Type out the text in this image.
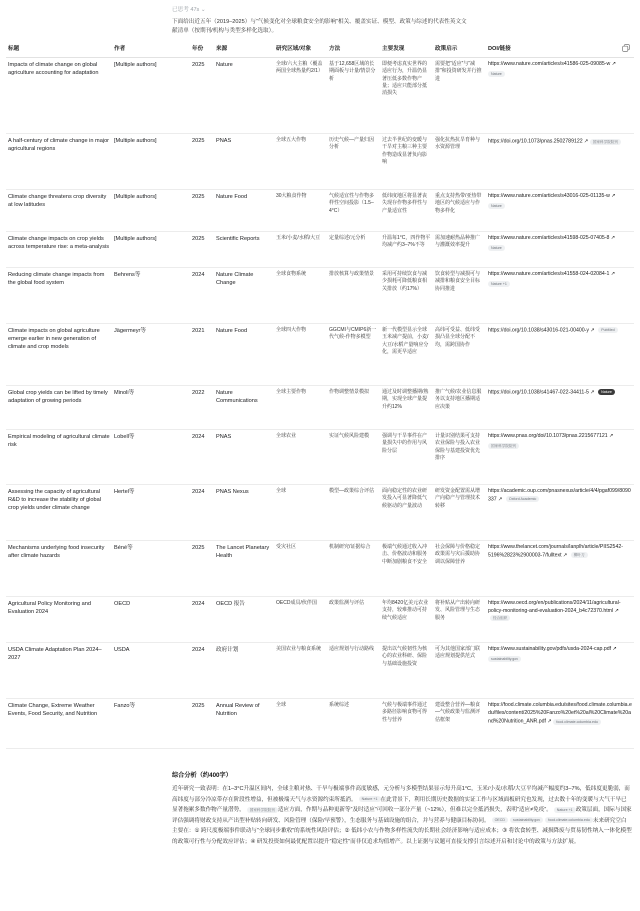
已思考 47s ⌄
下面给出近五年（2019–2025）与“气候变化对全球粮食安全的影响”相关、覆盖实证、模型、政策与综述的代表性英文文献清单（按期刊/机构与类型多样化选取）。
标题	作者	年份	来源	研究区域/对象	方法	主要发现	政策启示	DOI/链接
Impacts of climate change on global agriculture accounting for adaptation	[Multiple authors]	2025	Nature	全球/六大主粮（覆盖两国全球热量约2/1）	基于12,658区域的长期面板与计量/情景分析	即便考虑真实世界的适应行为，升温仍显著压低多数作物产量；适应只能部分抵消损失	需要把“适应”与“减排”和投资研发并行推进	https://www.nature.com/articles/s41586-025-09085-w ↗ Nature
A half-century of climate change in major agricultural regions	[Multiple authors]	2025	PNAS	全球五大作物	历史气候—产量归因分析	过去半世纪的变暖与干旱对主粮三种主要作物造成显著负向影响	强化抗热抗旱育种与水资源管理	https://doi.org/10.1073/pnas.2502789122 ↗ 国家科学院院刊
Climate change threatens crop diversity at low latitudes	[Multiple authors]	2025	Nature Food	30大粮食作物	气候适宜性与作物多样性空间投影（1.5–4°C）	低纬度地区将显著丧失现存作物多样性与产量适宜性	重点支持热带/亚热带地区的气候适应与作物多样化	https://www.nature.com/articles/s43016-025-01135-w ↗ Nature
Climate change impacts on crop yields across temperature rise: a meta-analysis	[Multiple authors]	2025	Scientific Reports	玉米/小麦/水稻/大豆	定量综述/元分析	升温每1°C，四作物平均减产约3–7%不等	需加速耐热品种推广与灌溉效率提升	https://www.nature.com/articles/s41598-025-07405-8 ↗ Nature
Reducing climate change impacts from the global food system	Behrens等	2024	Nature Climate Change	全球食物系统	排放核算与政策情景	采用可持续饮食与减少损耗可降低粮食相关排放（约17%）	饮食转型与减损可与减排和粮食安全目标协同推进	https://www.nature.com/articles/s41558-024-02084-1 ↗ Nature +1
Climate impacts on global agriculture emerge earlier in new generation of climate and crop models	Jägermeyr等	2021	Nature Food	全球四大作物	GGCMI与CMIP6新一代气候-作物多模型	新一代模型显示全球玉米减产提前，小麦/大豆/水稻产量响应分化，需更早适应	高纬可受益、低纬受损凸显全球分配不均，需跨国协作	https://doi.org/10.1038/s43016-021-00400-y ↗ PubMed
Global crop yields can be lifted by timely adaptation of growing periods	Minoli等	2022	Nature Communications	全球主要作物	作物调整情景模拟	通过及时调整播期/熟期，实现全球产量提升约12%	推广气候/农业信息服务以支持地区播期适应决策	https://doi.org/10.1038/s41467-022-34411-5 ↗ Nature
Empirical modeling of agricultural climate risk	Lobell等	2024	PNAS	全球农业	实证气候风险建模	强调与干旱事件在产量损失中的作用与风险分层	计量识别结果可支持农业保险与投入农业保险与基建投资优先排序	https://www.pnas.org/doi/10.1073/pnas.2215677121 ↗ 国家科学院院刊
Assessing the capacity of agricultural R&D to increase the stability of global crop yields under climate change	Hertel等	2024	PNAS Nexus	全球	模型—政策综合评估	面向稳定性的农业研发投入可显著降低气候驱动的产量波动	研发资金配置需从增产向稳产与管理技术转移	https://academic.oup.com/pnasnexus/article/4/4/pgaf099/8090337 ↗ Oxford Academic
Mechanisms underlying food insecurity after climate hazards	Béné等	2025	The Lancet Planetary Health	受灾社区	机制研究/证据综合	极端气候通过收入冲击、价格波动和服务中断加剧粮食不安全	社会保障与价格稳定政策需与灾后援助协调以保障营养	https://www.thelancet.com/journals/lanplh/article/PIIS2542-5196%2823%2900003-7/fulltext ↗ 柳叶刀
Agricultural Policy Monitoring and Evaluation 2024	OECD	2024	OECD 报告	OECD成员/伙伴国	政策监测与评估	年均8420亿美元农业支持，较难推动可持续气候适应	将补贴从产出转向研发、风险管理与生态服务	https://www.oecd.org/en/publications/2024/11/agricultural-policy-monitoring-and-evaluation-2024_b4c72370.html ↗ 经合组织
USDA Climate Adaptation Plan 2024–2027	USDA	2024	政府计划	美国农业与粮食系统	适应规划与行动路线	提出以气候韧性为核心的农业科研、保险与基础设施投资	可为其他国家部门联适应规划提供范式	https://www.sustainability.gov/pdfs/usda-2024-cap.pdf ↗ sustainability.gov
Climate Change, Extreme Weather Events, Food Security, and Nutrition	Fanzo等	2025	Annual Review of Nutrition	全球	系统综述	气候与极端事件通过多路径影响食物可得性与营养	建设整合营养—粮食—气候政策与监测评估框架	https://food.climate.columbia.edu/sites/food.climate.columbia.edu/files/content/2025%20Fanzo%20et%20al%20Climate%20and%20Nutrition_ANR.pdf ↗ food.climate.columbia.edu
综合分析（约400字）

近年研究一致表明：在1–3°C升温区间内，全球主粮对热、干旱与极端事件高度敏感，元分析与多模型结果显示每升高1°C，玉米/小麦/水稻/大豆平均减产幅度约3–7%，低纬度更脆弱，而高纬度与部分冷凉带存在阶段性增益，但被极端天气与水资源约束所抵消。 Nature +1 在此背景下，利用长期历史数据的实证工作与区域面板研究也发现，过去数十年的变暖与大气干旱已显著拖累多数作物产量潜势， 国家科学院院刊 适应方面，作期与品种更新等“及时适应”可回收一部分产量（~12%），但难以完全抵消损失，表明“适应≠免疫”。 Nature +1 政策层面，国际与国家评估强调将财政支持从产出型补贴转向研发、风险管理（保险/早预警），生态服务与基础设施的组合，并与营养与健康目标协同。 OECD sustainability.gov food.climate.columbia.edu 未来研究空白主要在：① 跨尺度极端事件联动与“全球同步歉收”的系统性风险评估；② 低纬小农与作物多样性流失的长期社会经济影响与适应成本；③ 将饮食转型、减损降废与贸易韧性纳入一体化模型的政策可行性与分配效应评估；④ 研发投资如何最优配置以提升“稳定性”而非仅追求均值增产。以上证据与议题可直接支撑引言综述开启和讨论中的政策与方法扩展。
